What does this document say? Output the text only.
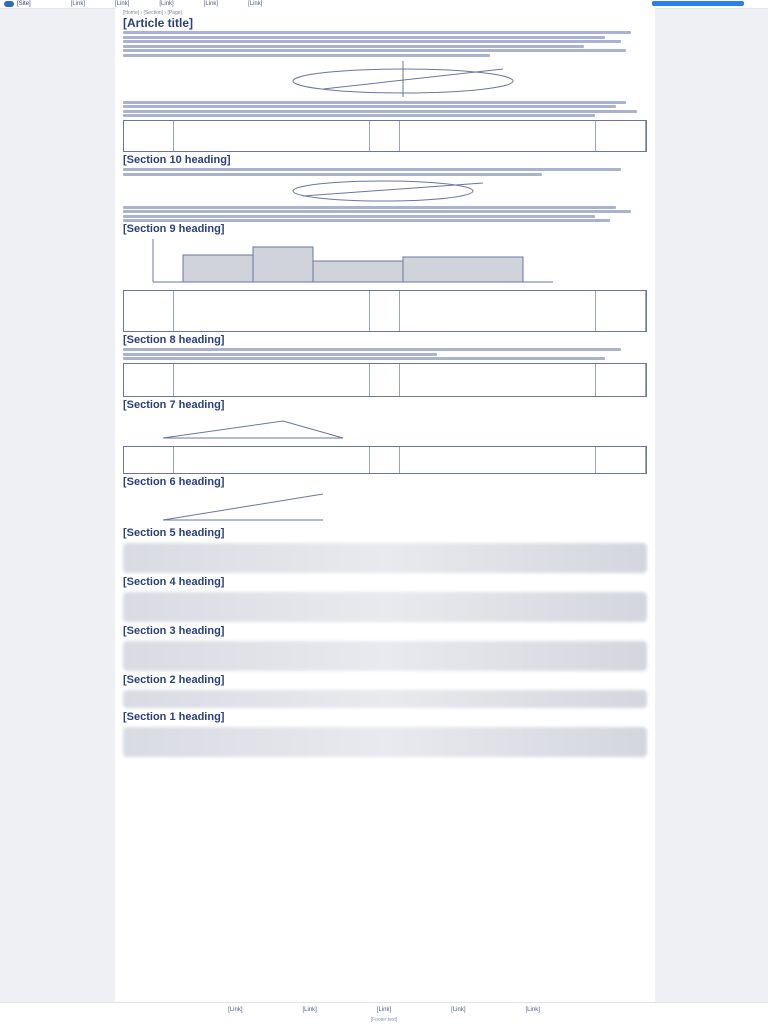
[Site]	[Link]	[Link]	[Link]	[Link]	[Link]
[Home] › [Section] › [Page]
[Article title]
[Section 10 heading]
[Section 9 heading]
[Section 8 heading]
[Section 7 heading]
[Section 6 heading]
[Section 5 heading]
[Section 4 heading]
[Section 3 heading]
[Section 2 heading]
[Section 1 heading]
[Link]	[Link]	[Link]	[Link]	[Link]
[Footer text]
